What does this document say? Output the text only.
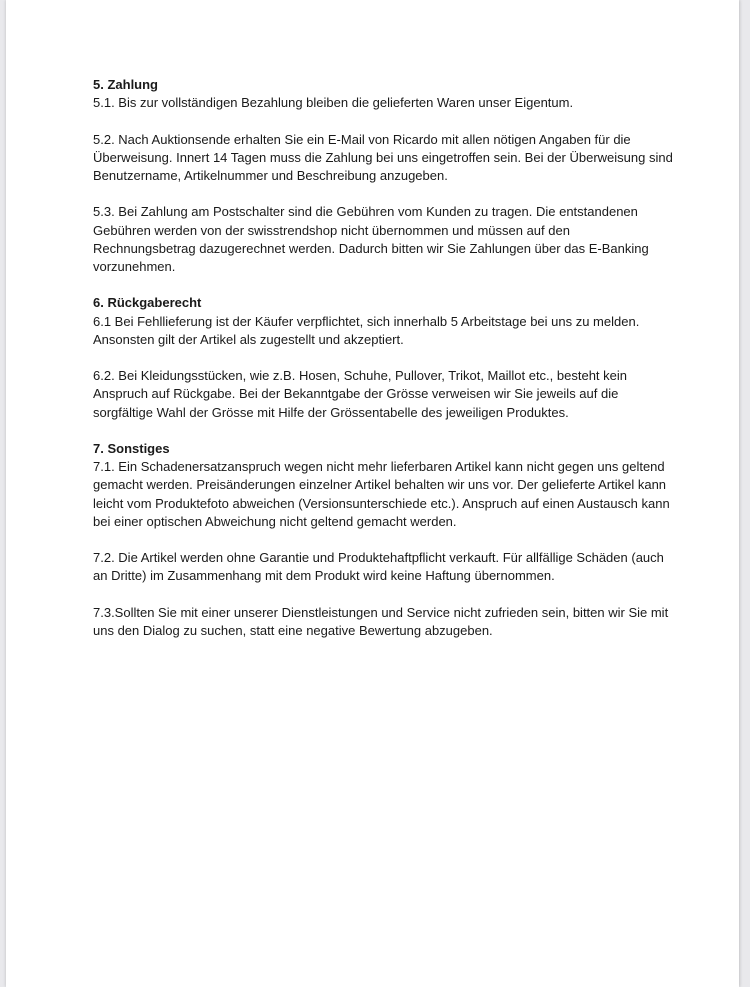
5. Zahlung

5.1. Bis zur vollständigen Bezahlung bleiben die gelieferten Waren unser Eigentum.

5.2. Nach Auktionsende erhalten Sie ein E-Mail von Ricardo mit allen nötigen Angaben für die Überweisung. Innert 14 Tagen muss die Zahlung bei uns eingetroffen sein. Bei der Überweisung sind Benutzername, Artikelnummer und Beschreibung anzugeben.

5.3. Bei Zahlung am Postschalter sind die Gebühren vom Kunden zu tragen. Die entstandenen Gebühren werden von der swisstrendshop nicht übernommen und müssen auf den Rechnungsbetrag dazugerechnet werden. Dadurch bitten wir Sie Zahlungen über das E-Banking vorzunehmen.

6. Rückgaberecht

6.1 Bei Fehllieferung ist der Käufer verpflichtet, sich innerhalb 5 Arbeitstage bei uns zu melden. Ansonsten gilt der Artikel als zugestellt und akzeptiert.

6.2. Bei Kleidungsstücken, wie z.B. Hosen, Schuhe, Pullover, Trikot, Maillot etc., besteht kein Anspruch auf Rückgabe. Bei der Bekanntgabe der Grösse verweisen wir Sie jeweils auf die sorgfältige Wahl der Grösse mit Hilfe der Grössentabelle des jeweiligen Produktes.

7. Sonstiges

7.1. Ein Schadenersatzanspruch wegen nicht mehr lieferbaren Artikel kann nicht gegen uns geltend gemacht werden. Preisänderungen einzelner Artikel behalten wir uns vor. Der gelieferte Artikel kann leicht vom Produktefoto abweichen (Versionsunterschiede etc.). Anspruch auf einen Austausch kann bei einer optischen Abweichung nicht geltend gemacht werden.

7.2. Die Artikel werden ohne Garantie und Produktehaftpflicht verkauft. Für allfällige Schäden (auch an Dritte) im Zusammenhang mit dem Produkt wird keine Haftung übernommen.

7.3.Sollten Sie mit einer unserer Dienstleistungen und Service nicht zufrieden sein, bitten wir Sie mit uns den Dialog zu suchen, statt eine negative Bewertung abzugeben.
